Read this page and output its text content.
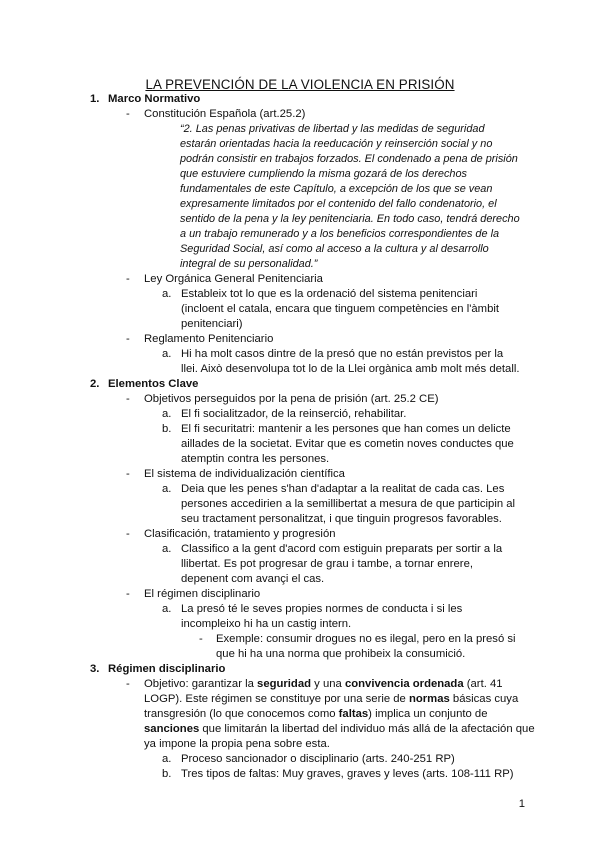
LA PREVENCIÓN DE LA VIOLENCIA EN PRISIÓN
1. Marco Normativo
- Constitución Española (art.25.2)
“2. Las penas privativas de libertad y las medidas de seguridad estarán orientadas hacia la reeducación y reinserción social y no podrán consistir en trabajos forzados. El condenado a pena de prisión que estuviere cumpliendo la misma gozará de los derechos fundamentales de este Capítulo, a excepción de los que se vean expresamente limitados por el contenido del fallo condenatorio, el sentido de la pena y la ley penitenciaria. En todo caso, tendrá derecho a un trabajo remunerado y a los beneficios correspondientes de la Seguridad Social, así como al acceso a la cultura y al desarrollo integral de su personalidad.”
- Ley Orgánica General Penitenciaria
a. Estableix tot lo que es la ordenació del sistema penitenciari (incloent el catala, encara que tinguem competències en l'àmbit penitenciari)
- Reglamento Penitenciario
a. Hi ha molt casos dintre de la presó que no están previstos per la llei. Això desenvolupa tot lo de la Llei orgànica amb molt més detall.
2. Elementos Clave
- Objetivos perseguidos por la pena de prisión (art. 25.2 CE)
a. El fi socialitzador, de la reinserció, rehabilitar.
b. El fi securitatri: mantenir a les persones que han comes un delicte aillades de la societat. Evitar que es cometin noves conductes que atemptin contra les persones.
- El sistema de individualización científica
a. Deia que les penes s'han d'adaptar a la realitat de cada cas. Les persones accedirien a la semillibertat a mesura de que participin al seu tractament personalitzat, i que tinguin progresos favorables.
- Clasificación, tratamiento y progresión
a. Classifico a la gent d'acord com estiguin preparats per sortir a la llibertat. Es pot progresar de grau i tambe, a tornar enrere, depenent com avançi el cas.
- El régimen disciplinario
a. La presó té le seves propies normes de conducta i si les incompleixo hi ha un castig intern.
- Exemple: consumir drogues no es ilegal, pero en la presó si que hi ha una norma que prohibeix la consumició.
3. Régimen disciplinario
- Objetivo: garantizar la seguridad y una convivencia ordenada (art. 41 LOGP). Este régimen se constituye por una serie de normas básicas cuya transgresión (lo que conocemos como faltas) implica un conjunto de sanciones que limitarán la libertad del individuo más allá de la afectación que ya impone la propia pena sobre esta.
a. Proceso sancionador o disciplinario (arts. 240-251 RP)
b. Tres tipos de faltas: Muy graves, graves y leves (arts. 108-111 RP)
1
